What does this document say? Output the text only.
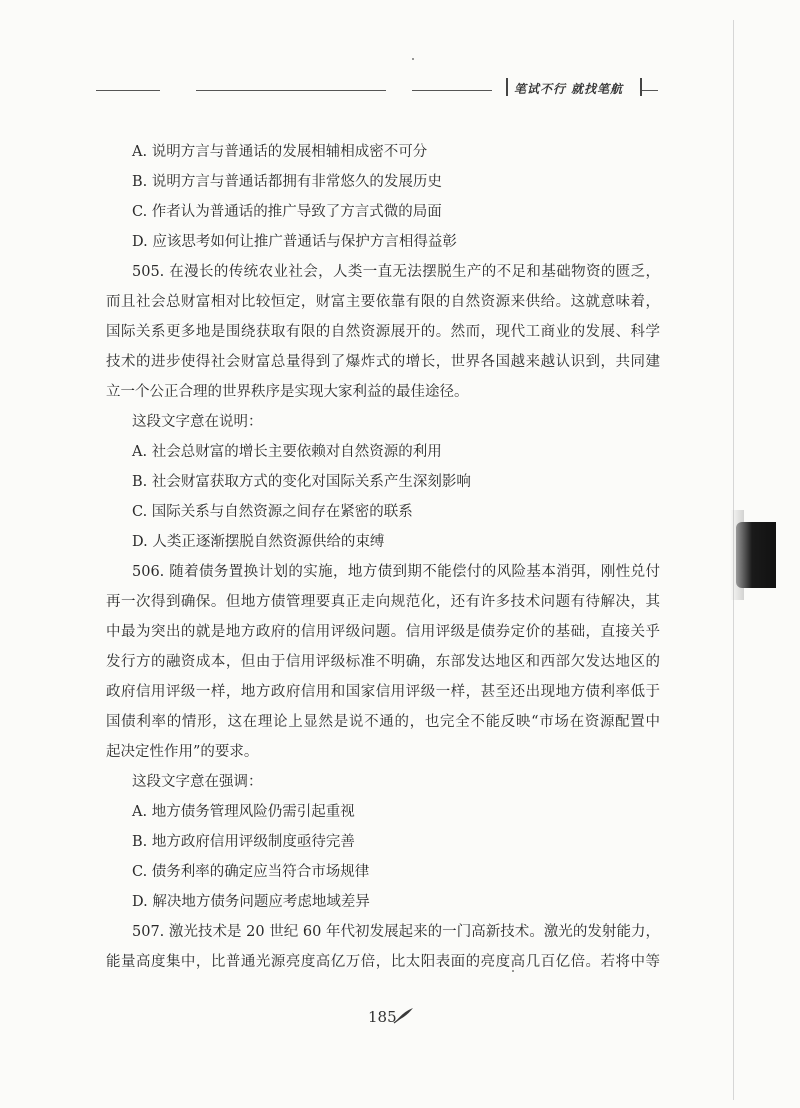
笔试不行 就找笔航
A. 说明方言与普通话的发展相辅相成密不可分
B. 说明方言与普通话都拥有非常悠久的发展历史
C. 作者认为普通话的推广导致了方言式微的局面
D. 应该思考如何让推广普通话与保护方言相得益彰
505. 在漫长的传统农业社会，人类一直无法摆脱生产的不足和基础物资的匮乏，
而且社会总财富相对比较恒定，财富主要依靠有限的自然资源来供给。这就意味着，
国际关系更多地是围绕获取有限的自然资源展开的。然而，现代工商业的发展、科学
技术的进步使得社会财富总量得到了爆炸式的增长，世界各国越来越认识到，共同建
立一个公正合理的世界秩序是实现大家利益的最佳途径。
这段文字意在说明：
A. 社会总财富的增长主要依赖对自然资源的利用
B. 社会财富获取方式的变化对国际关系产生深刻影响
C. 国际关系与自然资源之间存在紧密的联系
D. 人类正逐渐摆脱自然资源供给的束缚
506. 随着债务置换计划的实施，地方债到期不能偿付的风险基本消弭，刚性兑付
再一次得到确保。但地方债管理要真正走向规范化，还有许多技术问题有待解决，其
中最为突出的就是地方政府的信用评级问题。信用评级是债券定价的基础，直接关乎
发行方的融资成本，但由于信用评级标准不明确，东部发达地区和西部欠发达地区的
政府信用评级一样，地方政府信用和国家信用评级一样，甚至还出现地方债利率低于
国债利率的情形，这在理论上显然是说不通的，也完全不能反映“市场在资源配置中
起决定性作用”的要求。
这段文字意在强调：
A. 地方债务管理风险仍需引起重视
B. 地方政府信用评级制度亟待完善
C. 债务利率的确定应当符合市场规律
D. 解决地方债务问题应考虑地域差异
507. 激光技术是 20 世纪 60 年代初发展起来的一门高新技术。激光的发射能力，
能量高度集中，比普通光源亮度高亿万倍，比太阳表面的亮度高几百亿倍。若将中等
185
